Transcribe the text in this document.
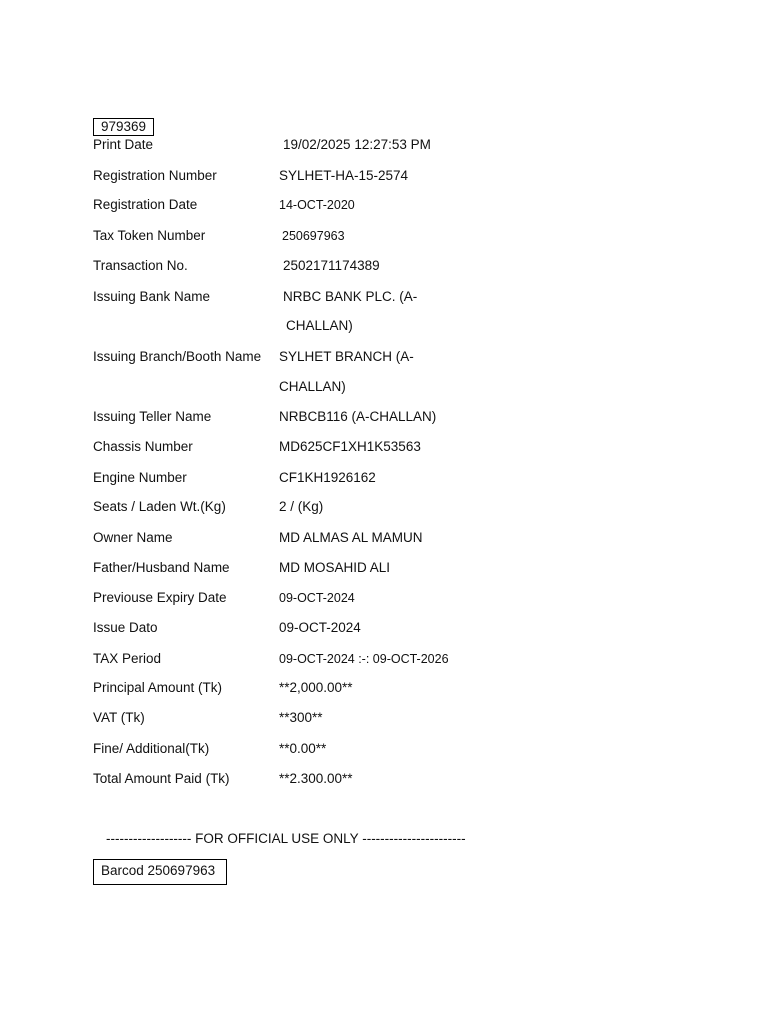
979369
Print Date	19/02/2025 12:27:53 PM
Registration Number	SYLHET-HA-15-2574
Registration Date	14-OCT-2020
Tax Token Number	250697963
Transaction No.	2502171174389
Issuing Bank Name	NRBC BANK PLC. (A-
CHALLAN)
Issuing Branch/Booth Name SYLHET BRANCH (A-
CHALLAN)
Issuing Teller Name	NRBCB116 (A-CHALLAN)
Chassis Number	MD625CF1XH1K53563
Engine Number	CF1KH1926162
Seats / Laden Wt.(Kg)	2 / (Kg)
Owner Name	MD ALMAS AL MAMUN
Father/Husband Name	MD MOSAHID ALI
Previouse Expiry Date	09-OCT-2024
Issue Dato	09-OCT-2024
TAX Period	09-OCT-2024 :-: 09-OCT-2026
Principal Amount (Tk)	**2,000.00**
VAT (Tk)	**300**
Fine/ Additional(Tk)	**0.00**
Total Amount Paid (Tk)	**2.300.00**
------------------- FOR OFFICIAL USE ONLY -----------------------
Barcod 250697963
